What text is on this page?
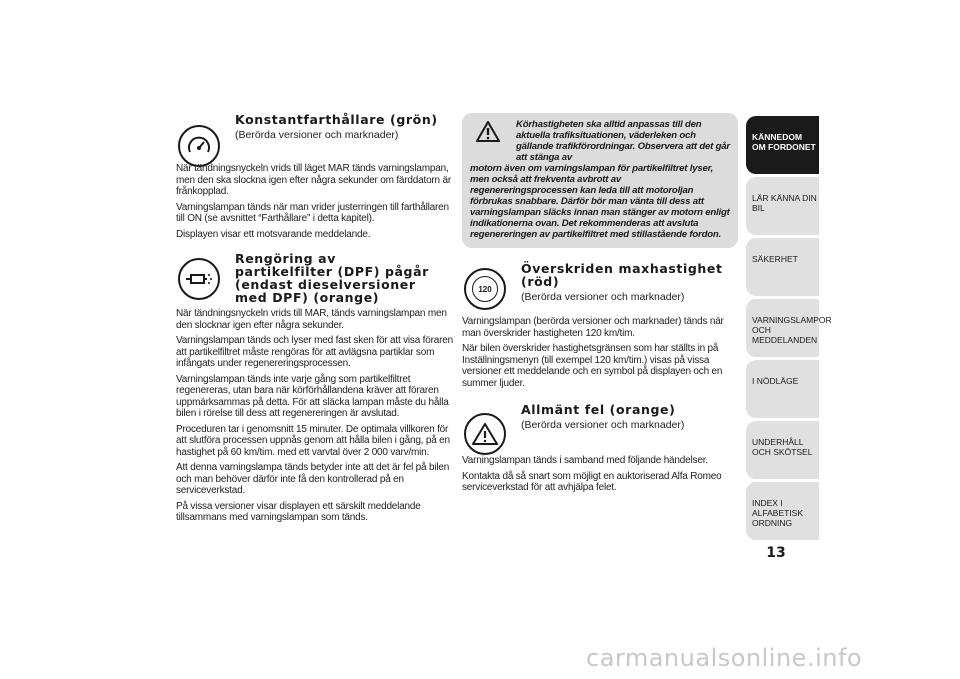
Konstantfarthållare (grön)
(Berörda versioner och marknader)

När tändningsnyckeln vrids till läget MAR tänds varningslampan, men den ska slockna igen efter några sekunder om färddatorn är frånkopplad.

Varningslampan tänds när man vrider justerringen till farthållaren till ON (se avsnittet “Farthållare” i detta kapitel).

Displayen visar ett motsvarande meddelande.

Rengöring av partikelfilter (DPF) pågår (endast dieselversioner med DPF) (orange)

När tändningsnyckeln vrids till MAR, tänds varningslampan men den slocknar igen efter några sekunder.

Varningslampan tänds och lyser med fast sken för att visa föraren att partikelfiltret måste rengöras för att avlägsna partiklar som infångats under regenereringsprocessen.

Varningslampan tänds inte varje gång som partikelfiltret regenereras, utan bara när körförhållandena kräver att föraren uppmärksammas på detta. För att släcka lampan måste du hålla bilen i rörelse till dess att regenereringen är avslutad.

Proceduren tar i genomsnitt 15 minuter. De optimala villkoren för att slutföra processen uppnås genom att hålla bilen i gång, på en hastighet på 60 km/tim. med ett varvtal över 2 000 varv/min.

Att denna varningslampa tänds betyder inte att det är fel på bilen och man behöver därför inte få den kontrollerad på en serviceverkstad.

På vissa versioner visar displayen ett särskilt meddelande tillsammans med varningslampan som tänds.

Körhastigheten ska alltid anpassas till den aktuella trafiksituationen, väderleken och gällande trafikförordningar. Observera att det går att stänga av
motorn även om varningslampan för partikelfiltret lyser, men också att frekventa avbrott av regenereringsprocessen kan leda till att motoroljan förbrukas snabbare. Därför bör man vänta till dess att varningslampan släcks innan man stänger av motorn enligt indikationerna ovan. Det rekommenderas att avsluta regenereringen av partikelfiltret med stillastående fordon.
120
Överskriden maxhastighet (röd)
(Berörda versioner och marknader)

Varningslampan (berörda versioner och marknader) tänds när man överskrider hastigheten 120 km/tim.

När bilen överskrider hastighetsgränsen som har ställts in på Inställningsmenyn (till exempel 120 km/tim.) visas på vissa versioner ett meddelande och en symbol på displayen och en summer ljuder.

Allmänt fel (orange)
(Berörda versioner och marknader)

Varningslampan tänds i samband med följande händelser.

Kontakta då så snart som möjligt en auktoriserad Alfa Romeo serviceverkstad för att avhjälpa felet.

KÄNNEDOM OM FORDONET
LÄR KÄNNA DIN BIL
SÄKERHET
VARNINGSLAMPOR OCH MEDDELANDEN
I NÖDLÄGE
UNDERHÅLL OCH SKÖTSEL
INDEX I ALFABETISK ORDNING
13
carmanualsonline.info
